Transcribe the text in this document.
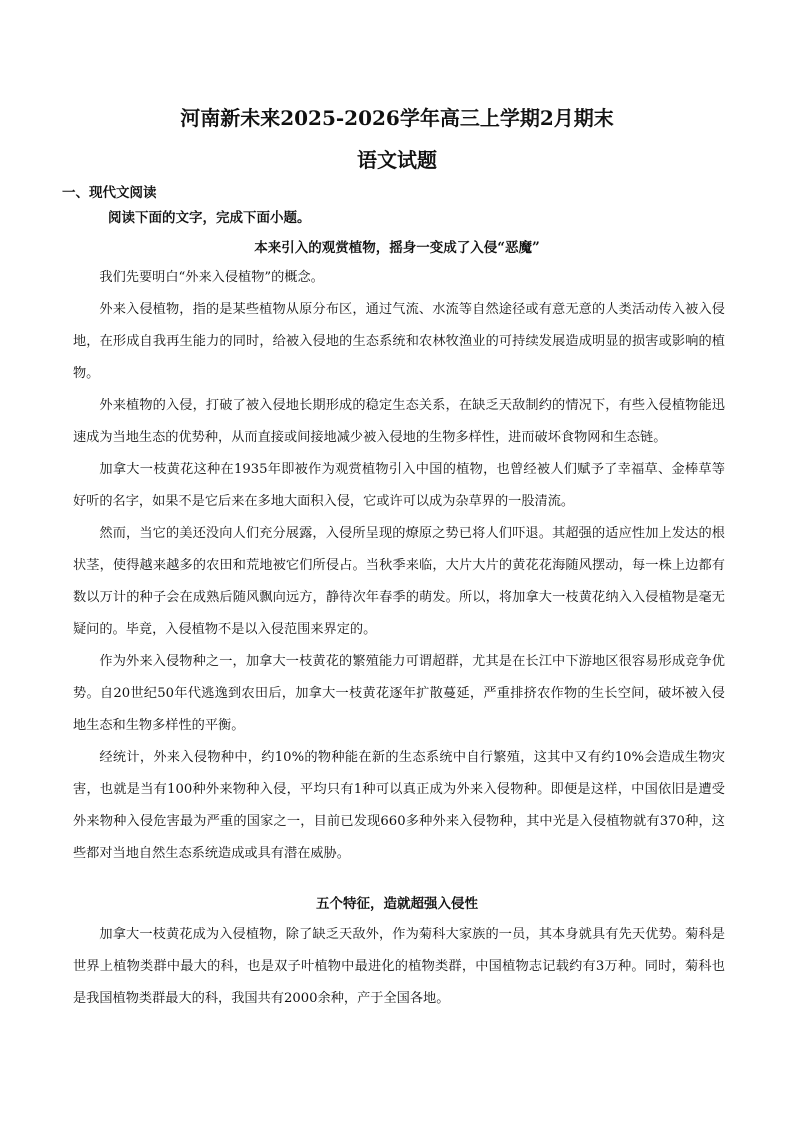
河南新未来2025-2026学年高三上学期2月期末
语文试题
一、现代文阅读
阅读下面的文字，完成下面小题。
本来引入的观赏植物，摇身一变成了入侵“恶魔”

我们先要明白“外来入侵植物”的概念。

外来入侵植物，指的是某些植物从原分布区，通过气流、水流等自然途径或有意无意的人类活动传入被入侵地，在形成自我再生能力的同时，给被入侵地的生态系统和农林牧渔业的可持续发展造成明显的损害或影响的植物。

外来植物的入侵，打破了被入侵地长期形成的稳定生态关系，在缺乏天敌制约的情况下，有些入侵植物能迅速成为当地生态的优势种，从而直接或间接地减少被入侵地的生物多样性，进而破坏食物网和生态链。

加拿大一枝黄花这种在1935年即被作为观赏植物引入中国的植物，也曾经被人们赋予了幸福草、金棒草等好听的名字，如果不是它后来在多地大面积入侵，它或许可以成为杂草界的一股清流。

然而，当它的美还没向人们充分展露，入侵所呈现的燎原之势已将人们吓退。其超强的适应性加上发达的根状茎，使得越来越多的农田和荒地被它们所侵占。当秋季来临，大片大片的黄花花海随风摆动，每一株上边都有数以万计的种子会在成熟后随风飘向远方，静待次年春季的萌发。所以，将加拿大一枝黄花纳入入侵植物是毫无疑问的。毕竟，入侵植物不是以入侵范围来界定的。

作为外来入侵物种之一，加拿大一枝黄花的繁殖能力可谓超群，尤其是在长江中下游地区很容易形成竞争优势。自20世纪50年代逃逸到农田后，加拿大一枝黄花逐年扩散蔓延，严重排挤农作物的生长空间，破坏被入侵地生态和生物多样性的平衡。

经统计，外来入侵物种中，约10%的物种能在新的生态系统中自行繁殖，这其中又有约10%会造成生物灾害，也就是当有100种外来物种入侵，平均只有1种可以真正成为外来入侵物种。即便是这样，中国依旧是遭受外来物种入侵危害最为严重的国家之一，目前已发现660多种外来入侵物种，其中光是入侵植物就有370种，这些都对当地自然生态系统造成或具有潜在威胁。

五个特征，造就超强入侵性

加拿大一枝黄花成为入侵植物，除了缺乏天敌外，作为菊科大家族的一员，其本身就具有先天优势。菊科是世界上植物类群中最大的科，也是双子叶植物中最进化的植物类群，中国植物志记载约有3万种。同时，菊科也是我国植物类群最大的科，我国共有2000余种，产于全国各地。
